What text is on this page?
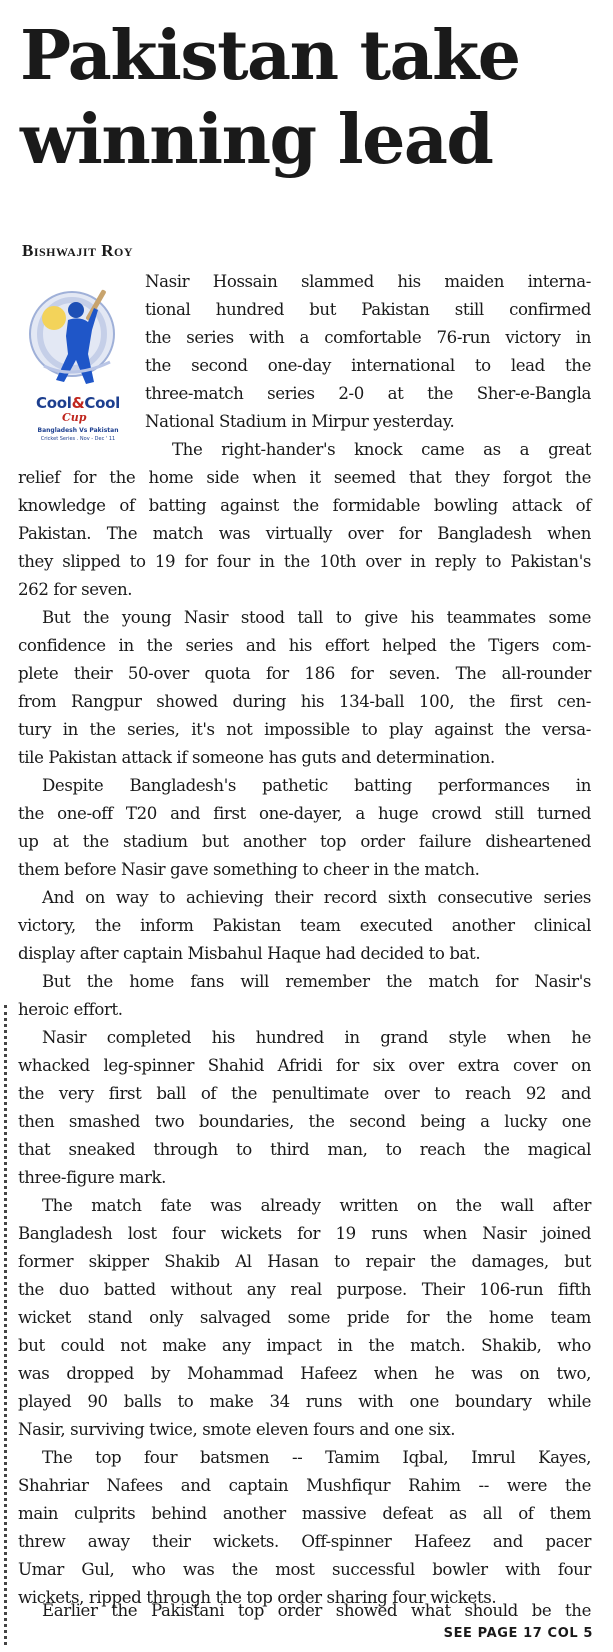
Pakistan take
winning lead

Bishwajit Roy

Cool&Cool
Cup
Bangladesh Vs Pakistan
Cricket Series . Nov - Dec ' 11
Nasir Hossain slammed his maiden interna-
tional hundred but Pakistan still confirmed
the series with a comfortable 76-run victory in
the second one-day international to lead the
three-match series 2-0 at the Sher-e-Bangla
National Stadium in Mirpur yesterday.
The right-hander's knock came as a great
relief for the home side when it seemed that they forgot the
knowledge of batting against the formidable bowling attack of
Pakistan. The match was virtually over for Bangladesh when
they slipped to 19 for four in the 10th over in reply to Pakistan's
262 for seven.
But the young Nasir stood tall to give his teammates some
confidence in the series and his effort helped the Tigers com-
plete their 50-over quota for 186 for seven. The all-rounder
from Rangpur showed during his 134-ball 100, the first cen-
tury in the series, it's not impossible to play against the versa-
tile Pakistan attack if someone has guts and determination.
Despite Bangladesh's pathetic batting performances in
the one-off T20 and first one-dayer, a huge crowd still turned
up at the stadium but another top order failure disheartened
them before Nasir gave something to cheer in the match.
And on way to achieving their record sixth consecutive series
victory, the inform Pakistan team executed another clinical
display after captain Misbahul Haque had decided to bat.
But the home fans will remember the match for Nasir's
heroic effort.
Nasir completed his hundred in grand style when he
whacked leg-spinner Shahid Afridi for six over extra cover on
the very first ball of the penultimate over to reach 92 and
then smashed two boundaries, the second being a lucky one
that sneaked through to third man, to reach the magical
three-figure mark.
The match fate was already written on the wall after
Bangladesh lost four wickets for 19 runs when Nasir joined
former skipper Shakib Al Hasan to repair the damages, but
the duo batted without any real purpose. Their 106-run fifth
wicket stand only salvaged some pride for the home team
but could not make any impact in the match. Shakib, who
was dropped by Mohammad Hafeez when he was on two,
played 90 balls to make 34 runs with one boundary while
Nasir, surviving twice, smote eleven fours and one six.
The top four batsmen -- Tamim Iqbal, Imrul Kayes,
Shahriar Nafees and captain Mushfiqur Rahim -- were the
main culprits behind another massive defeat as all of them
threw away their wickets. Off-spinner Hafeez and pacer
Umar Gul, who was the most successful bowler with four
wickets, ripped through the top order sharing four wickets.
Earlier the Pakistani top order showed what should be the

SEE PAGE 17 COL 5
